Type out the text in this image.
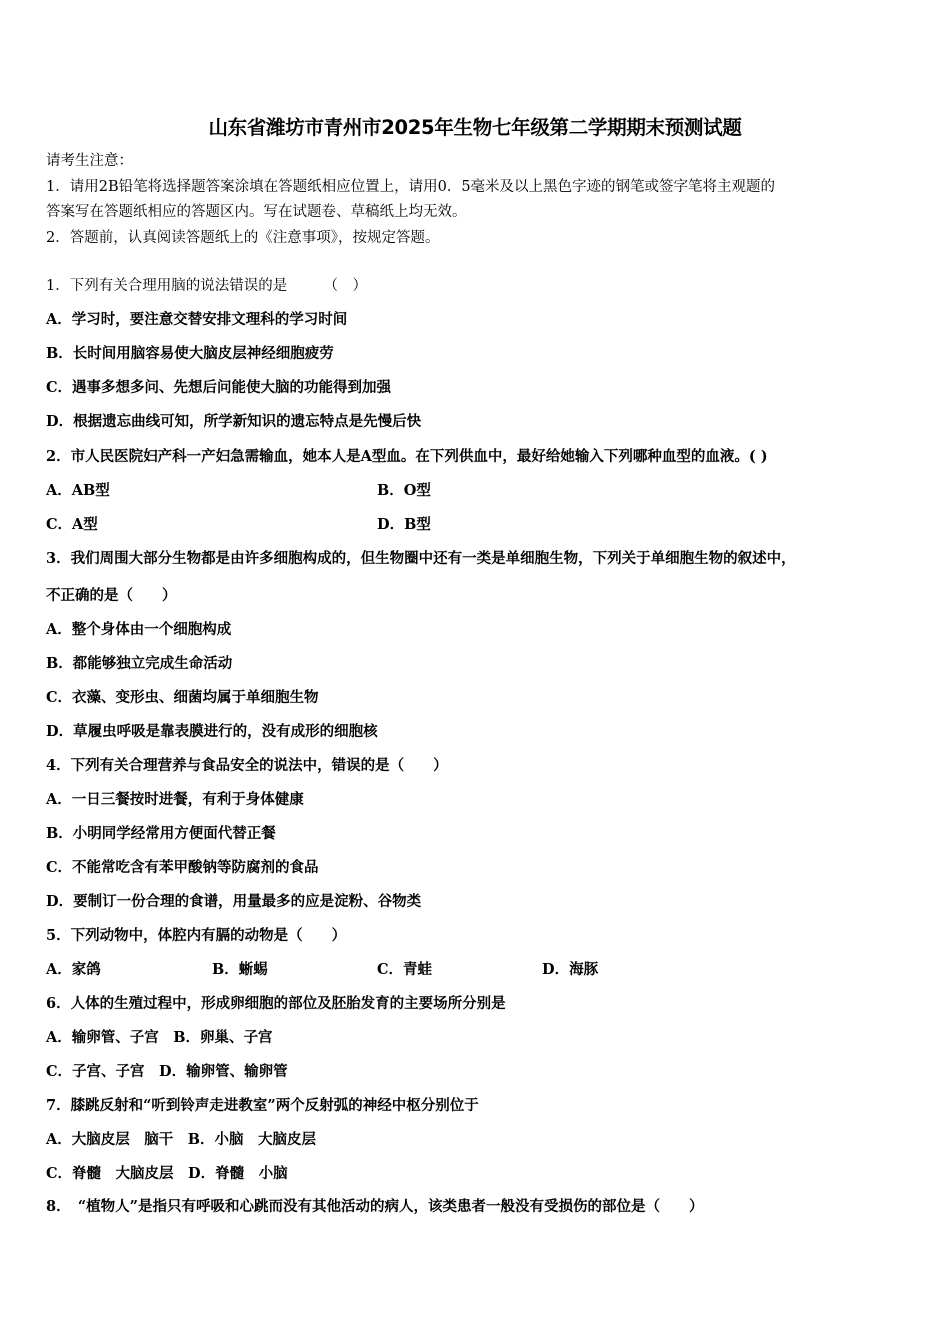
山东省潍坊市青州市2025年生物七年级第二学期期末预测试题
请考生注意：
1．请用2B铅笔将选择题答案涂填在答题纸相应位置上，请用0．5毫米及以上黑色字迹的钢笔或签字笔将主观题的
答案写在答题纸相应的答题区内。写在试题卷、草稿纸上均无效。
2．答题前，认真阅读答题纸上的《注意事项》，按规定答题。
1．下列有关合理用脑的说法错误的是　　　（　）
A．学习时，要注意交替安排文理科的学习时间
B．长时间用脑容易使大脑皮层神经细胞疲劳
C．遇事多想多问、先想后问能使大脑的功能得到加强
D．根据遗忘曲线可知，所学新知识的遗忘特点是先慢后快
2．市人民医院妇产科一产妇急需输血，她本人是A型血。在下列供血中，最好给她输入下列哪种血型的血液。( )
A．AB型	B．O型
C．A型	D．B型
3．我们周围大部分生物都是由许多细胞构成的，但生物圈中还有一类是单细胞生物，下列关于单细胞生物的叙述中，
不正确的是（　　）
A．整个身体由一个细胞构成
B．都能够独立完成生命活动
C．衣藻、变形虫、细菌均属于单细胞生物
D．草履虫呼吸是靠表膜进行的，没有成形的细胞核
4．下列有关合理营养与食品安全的说法中，错误的是（　　）
A．一日三餐按时进餐，有利于身体健康
B．小明同学经常用方便面代替正餐
C．不能常吃含有苯甲酸钠等防腐剂的食品
D．要制订一份合理的食谱，用量最多的应是淀粉、谷物类
5．下列动物中，体腔内有膈的动物是（　　）
A．家鸽	B．蜥蜴	C．青蛙	D．海豚
6．人体的生殖过程中，形成卵细胞的部位及胚胎发育的主要场所分别是
A．输卵管、子宫　B．卵巢、子宫
C．子宫、子宫　D．输卵管、输卵管
7．膝跳反射和“听到铃声走进教室”两个反射弧的神经中枢分别位于
A．大脑皮层　脑干　B．小脑　大脑皮层
C．脊髓　大脑皮层　D．脊髓　小脑
8．　“植物人”是指只有呼吸和心跳而没有其他活动的病人，该类患者一般没有受损伤的部位是（　　）
